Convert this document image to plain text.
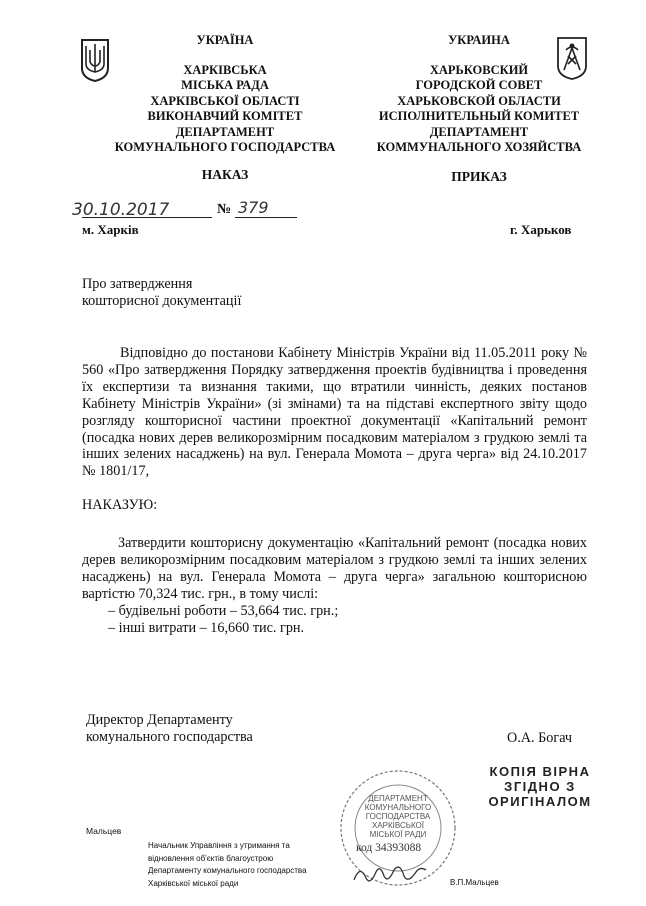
УКРАЇНА
ХАРКІВСЬКА
МІСЬКА РАДА
ХАРКІВСЬКОЇ ОБЛАСТІ
ВИКОНАВЧИЙ КОМІТЕТ
ДЕПАРТАМЕНТ
КОМУНАЛЬНОГО ГОСПОДАРСТВА
УКРАИНА
ХАРЬКОВСКИЙ
ГОРОДСКОЙ СОВЕТ
ХАРЬКОВСКОЙ ОБЛАСТИ
ИСПОЛНИТЕЛЬНЫЙ КОМИТЕТ
ДЕПАРТАМЕНТ
КОММУНАЛЬНОГО ХОЗЯЙСТВА
НАКАЗ	ПРИКАЗ
30.10.2017	№ 379
м. Харків	г. Харьков
Про затвердження
кошторисної документації
Відповідно до постанови Кабінету Міністрів України від 11.05.2011 року № 560 «Про затвердження Порядку затвердження проектів будівництва і проведення їх експертизи та визнання такими, що втратили чинність, деяких постанов Кабінету Міністрів України» (зі змінами) та на підставі експертного звіту щодо розгляду кошторисної частини проектної документації «Капітальний ремонт (посадка нових дерев великорозмірним посадковим матеріалом з грудкою землі та інших зелених насаджень) на вул. Генерала Момота – друга черга» від 24.10.2017 № 1801/17,
НАКАЗУЮ:
Затвердити кошторисну документацію «Капітальний ремонт (посадка нових дерев великорозмірним посадковим матеріалом з грудкою землі та інших зелених насаджень) на вул. Генерала Момота – друга черга» загальною кошторисною вартістю 70,324 тис. грн., в тому числі:
– будівельні роботи – 53,664 тис. грн.;
– інші витрати – 16,660 тис. грн.
Директор Департаменту
комунального господарства	О.А. Богач
КОПІЯ ВІРНА
ЗГІДНО З
ОРИГІНАЛОМ
ДЕПАРТАМЕНТ
КОМУНАЛЬНОГО
ГОСПОДАРСТВА
ХАРКІВСЬКОЇ
МІСЬКОЇ РАДИ
код 34393088
Мальцев
Начальник Управління з утримання та
відновлення об'єктів благоустрою
Департаменту комунального господарства
Харківської міської ради	В.П.Мальцев
